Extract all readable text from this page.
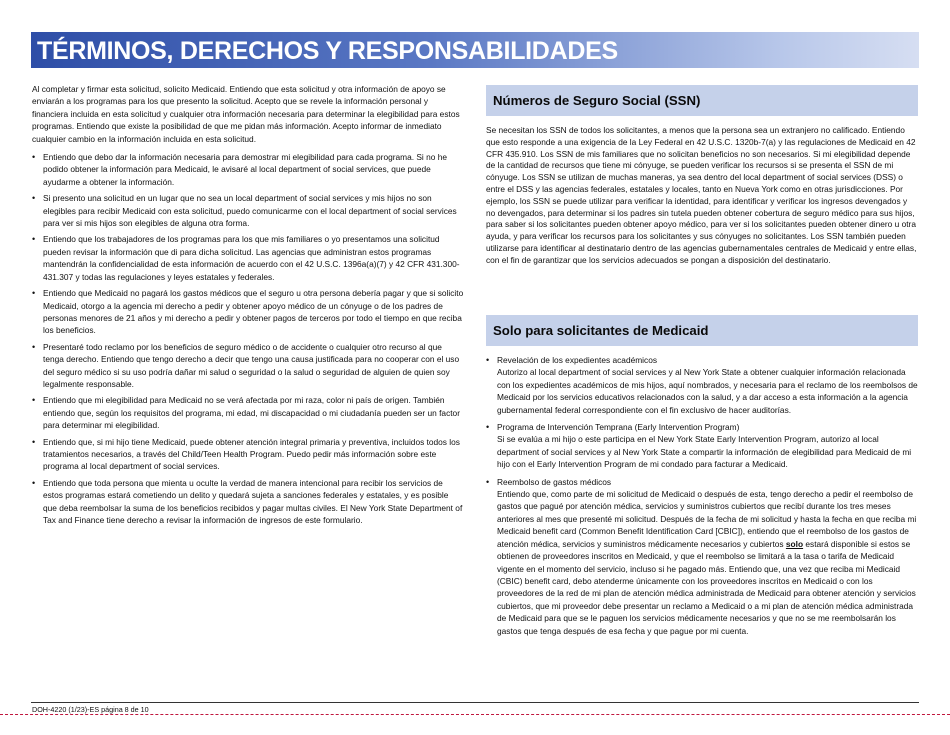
TÉRMINOS, DERECHOS Y RESPONSABILIDADES

Al completar y firmar esta solicitud, solicito Medicaid. Entiendo que esta solicitud y otra información de apoyo se enviarán a los programas para los que presento la solicitud. Acepto que se revele la información personal y financiera incluida en esta solicitud y cualquier otra información necesaria para determinar la elegibilidad para estos programas. Entiendo que existe la posibilidad de que me pidan más información. Acepto informar de inmediato cualquier cambio en la información incluida en esta solicitud.

• Entiendo que debo dar la información necesaria para demostrar mi elegibilidad para cada programa. Si no he podido obtener la información para Medicaid, le avisaré al local department of social services, que puede ayudarme a obtener la información.
• Si presento una solicitud en un lugar que no sea un local department of social services y mis hijos no son elegibles para recibir Medicaid con esta solicitud, puedo comunicarme con el local department of social services para ver si mis hijos son elegibles de alguna otra forma.
• Entiendo que los trabajadores de los programas para los que mis familiares o yo presentamos una solicitud pueden revisar la información que di para dicha solicitud. Las agencias que administran estos programas mantendrán la confidencialidad de esta información de acuerdo con el 42 U.S.C. 1396a(a)(7) y 42 CFR 431.300-431.307 y todas las regulaciones y leyes estatales y federales.
• Entiendo que Medicaid no pagará los gastos médicos que el seguro u otra persona debería pagar y que si solicito Medicaid, otorgo a la agencia mi derecho a pedir y obtener apoyo médico de un cónyuge o de los padres de personas menores de 21 años y mi derecho a pedir y obtener pagos de terceros por todo el tiempo en que reciba los beneficios.
• Presentaré todo reclamo por los beneficios de seguro médico o de accidente o cualquier otro recurso al que tenga derecho. Entiendo que tengo derecho a decir que tengo una causa justificada para no cooperar con el uso del seguro médico si su uso podría dañar mi salud o seguridad o la salud o seguridad de alguien de quien soy legalmente responsable.
• Entiendo que mi elegibilidad para Medicaid no se verá afectada por mi raza, color ni país de origen. También entiendo que, según los requisitos del programa, mi edad, mi discapacidad o mi ciudadanía pueden ser un factor para determinar mi elegibilidad.
• Entiendo que, si mi hijo tiene Medicaid, puede obtener atención integral primaria y preventiva, incluidos todos los tratamientos necesarios, a través del Child/Teen Health Program. Puedo pedir más información sobre este programa al local department of social services.
• Entiendo que toda persona que mienta u oculte la verdad de manera intencional para recibir los servicios de estos programas estará cometiendo un delito y quedará sujeta a sanciones federales y estatales, y es posible que deba reembolsar la suma de los beneficios recibidos y pagar multas civiles. El New York State Department of Tax and Finance tiene derecho a revisar la información de ingresos de este formulario.
Números de Seguro Social (SSN)

Se necesitan los SSN de todos los solicitantes, a menos que la persona sea un extranjero no calificado. Entiendo que esto responde a una exigencia de la Ley Federal en 42 U.S.C. 1320b-7(a) y las regulaciones de Medicaid en 42 CFR 435.910. Los SSN de mis familiares que no solicitan beneficios no son necesarios. Si mi elegibilidad depende de la cantidad de recursos que tiene mi cónyuge, se pueden verificar los recursos si se presenta el SSN de mi cónyuge. Los SSN se utilizan de muchas maneras, ya sea dentro del local department of social services (DSS) o entre el DSS y las agencias federales, estatales y locales, tanto en Nueva York como en otras jurisdicciones. Por ejemplo, los SSN se puede utilizar para verificar la identidad, para identificar y verificar los ingresos devengados y no devengados, para determinar si los padres sin tutela pueden obtener cobertura de seguro médico para sus hijos, para saber si los solicitantes pueden obtener apoyo médico, para ver si los solicitantes pueden obtener dinero u otra ayuda, y para verificar los recursos para los solicitantes y sus cónyuges no solicitantes. Los SSN también pueden utilizarse para identificar al destinatario dentro de las agencias gubernamentales centrales de Medicaid y entre ellas, con el fin de garantizar que los servicios adecuados se pongan a disposición del destinatario.

Solo para solicitantes de Medicaid
• Revelación de los expedientes académicos
Autorizo al local department of social services y al New York State a obtener cualquier información relacionada con los expedientes académicos de mis hijos, aquí nombrados, y necesaria para el reclamo de los reembolsos de Medicaid por los servicios educativos relacionados con la salud, y a dar acceso a esta información a la agencia gubernamental federal correspondiente con el fin exclusivo de hacer auditorías.
• Programa de Intervención Temprana (Early Intervention Program)
Si se evalúa a mi hijo o este participa en el New York State Early Intervention Program, autorizo al local department of social services y al New York State a compartir la información de elegibilidad para Medicaid de mi hijo con el Early Intervention Program de mi condado para facturar a Medicaid.
• Reembolso de gastos médicos
Entiendo que, como parte de mi solicitud de Medicaid o después de esta, tengo derecho a pedir el reembolso de gastos que pagué por atención médica, servicios y suministros cubiertos que recibí durante los tres meses anteriores al mes que presenté mi solicitud. Después de la fecha de mi solicitud y hasta la fecha en que reciba mi Medicaid benefit card (Common Benefit Identification Card [CBIC]), entiendo que el reembolso de los gastos de atención médica, servicios y suministros médicamente necesarios y cubiertos solo estará disponible si estos se obtienen de proveedores inscritos en Medicaid, y que el reembolso se limitará a la tasa o tarifa de Medicaid vigente en el momento del servicio, incluso si he pagado más. Entiendo que, una vez que reciba mi Medicaid (CBIC) benefit card, debo atenderme únicamente con los proveedores inscritos en Medicaid o con los proveedores de la red de mi plan de atención médica administrada de Medicaid para obtener atención y servicios cubiertos, que mi proveedor debe presentar un reclamo a Medicaid o a mi plan de atención médica administrada de Medicaid para que se le paguen los servicios médicamente necesarios y que no se me reembolsarán los gastos que tenga después de esa fecha y que pague por mi cuenta.
DOH-4220 (1/23)-ES página 8 de 10
